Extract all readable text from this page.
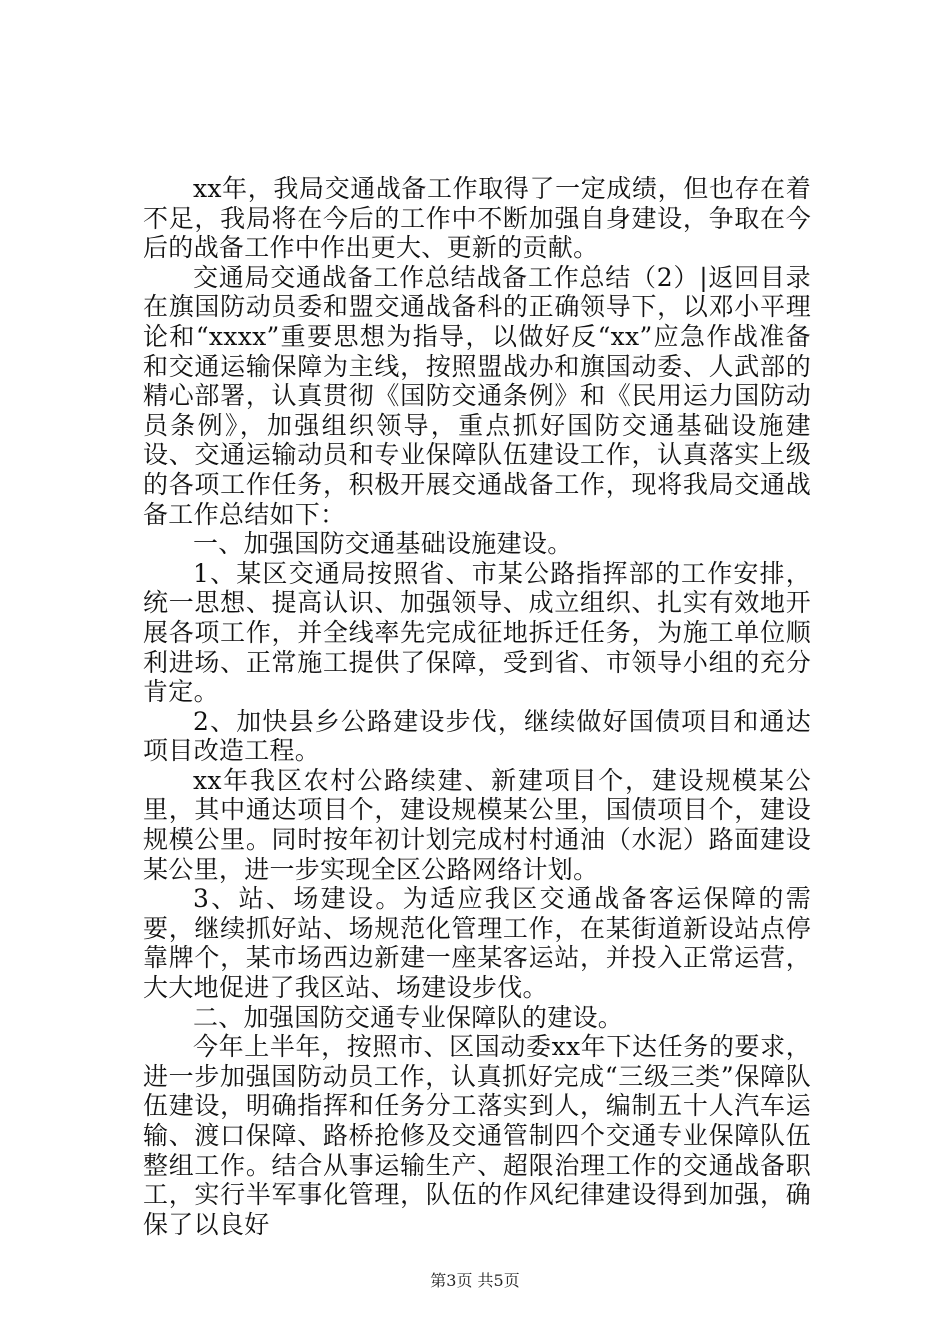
xx年，我局交通战备工作取得了一定成绩，但也存在着不足，我局将在今后的工作中不断加强自身建设，争取在今后的战备工作中作出更大、更新的贡献。

交通局交通战备工作总结战备工作总结（2）|返回目录在旗国防动员委和盟交通战备科的正确领导下，以邓小平理论和“xxxx”重要思想为指导，以做好反“xx”应急作战准备和交通运输保障为主线，按照盟战办和旗国动委、人武部的精心部署，认真贯彻《国防交通条例》和《民用运力国防动员条例》，加强组织领导，重点抓好国防交通基础设施建设、交通运输动员和专业保障队伍建设工作，认真落实上级的各项工作任务，积极开展交通战备工作，现将我局交通战备工作总结如下：

一、加强国防交通基础设施建设。

1、某区交通局按照省、市某公路指挥部的工作安排，统一思想、提高认识、加强领导、成立组织、扎实有效地开展各项工作，并全线率先完成征地拆迁任务，为施工单位顺利进场、正常施工提供了保障，受到省、市领导小组的充分肯定。

2、加快县乡公路建设步伐，继续做好国债项目和通达项目改造工程。

xx年我区农村公路续建、新建项目个，建设规模某公里，其中通达项目个，建设规模某公里，国债项目个，建设规模公里。同时按年初计划完成村村通油（水泥）路面建设某公里，进一步实现全区公路网络计划。

3、站、场建设。为适应我区交通战备客运保障的需要，继续抓好站、场规范化管理工作，在某街道新设站点停靠牌个，某市场西边新建一座某客运站，并投入正常运营，大大地促进了我区站、场建设步伐。

二、加强国防交通专业保障队的建设。

今年上半年，按照市、区国动委xx年下达任务的要求，进一步加强国防动员工作，认真抓好完成“三级三类”保障队伍建设，明确指挥和任务分工落实到人，编制五十人汽车运输、渡口保障、路桥抢修及交通管制四个交通专业保障队伍整组工作。结合从事运输生产、超限治理工作的交通战备职工，实行半军事化管理，队伍的作风纪律建设得到加强，确保了以良好

第3页 共5页
